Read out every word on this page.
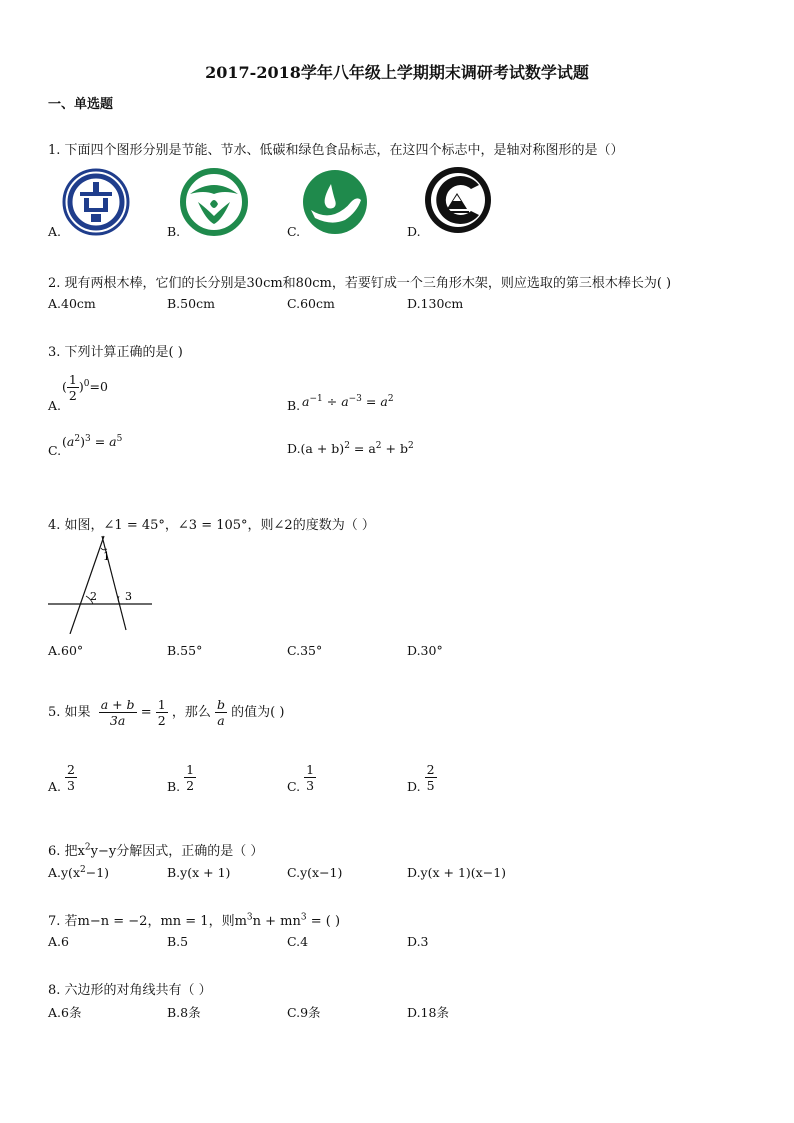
2017-2018学年八年级上学期期末调研考试数学试题
一、单选题
1. 下面四个图形分别是节能、节水、低碳和绿色食品标志，在这四个标志中，是轴对称图形的是（）
A.	B.	C.	D.
2. 现有两根木棒，它们的长分别是30cm和80cm，若要钉成一个三角形木架，则应选取的第三根木棒长为( )
A.40cm	B.50cm	C.60cm	D.130cm
3. 下列计算正确的是( )
A.
( $\frac{1}{2} )^0=0$
B. $a^{-1} \div a^{-3} = a^2$
C.
$(a^2)^3 = a^5$
$D.(a + b)^2 = a^2 + b^2$
4. 如图，∠1 = 45°，∠3 = 105°，则∠2的度数为（ ）
1
2	3
A.60°	B.55°	C.35°	D.30°
5. 如果 $\frac{a + b}{3a} = \frac{1}{2}$ ，那么 $\frac{b}{a}$ 的值为( )
A. $\frac{2}{3}$	B. $\frac{1}{2}$	C. $\frac{1}{3}$	D. $\frac{2}{5}$
6. 把$x^2y-y$分解因式，正确的是（ ）
$A.y(x^2-1)$	B.y(x + 1)	C.y(x−1)	D.y(x + 1)(x−1)
7. 若m−n = −2，mn = 1，则$m^3n + mn^3$ = ( )
A.6	B.5	C.4	D.3
8. 六边形的对角线共有（ ）
A.6条	B.8条	C.9条	D.18条
